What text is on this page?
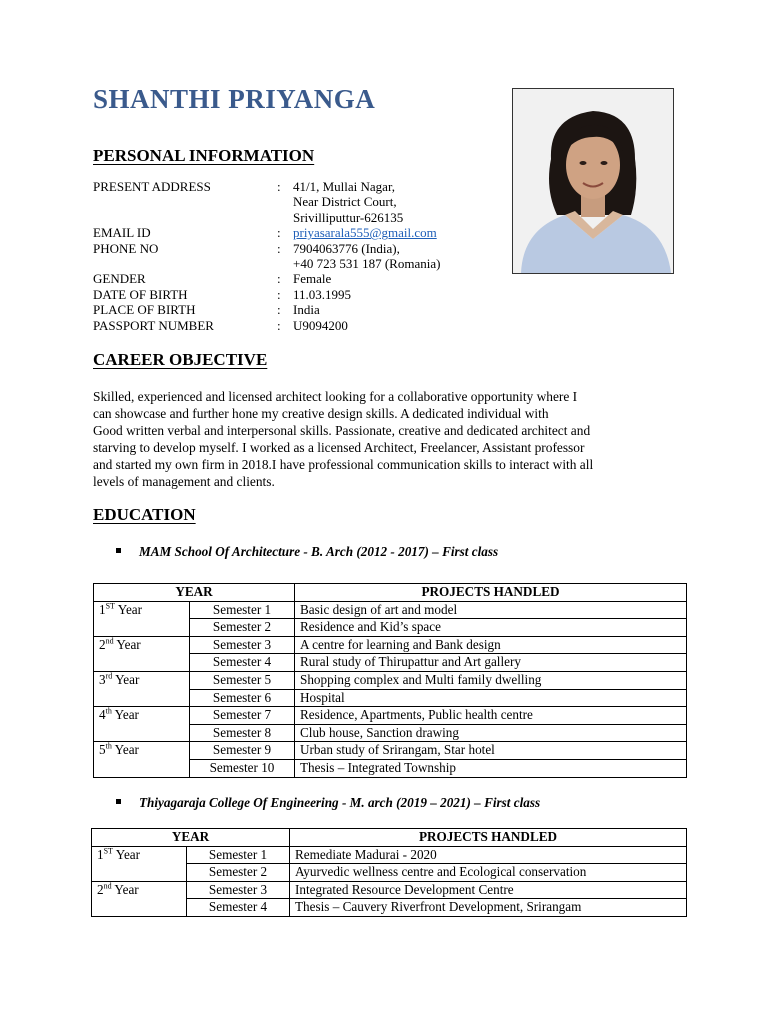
SHANTHI PRIYANGA
PERSONAL INFORMATION
PRESENT ADDRESS	: 41/1, Mullai Nagar,
Near District Court,
Srivilliputtur-626135
EMAIL ID	: priyasarala555@gmail.com
PHONE NO	: 7904063776 (India),
+40 723 531 187 (Romania)
GENDER	: Female
DATE OF BIRTH	: 11.03.1995
PLACE OF BIRTH	: India
PASSPORT NUMBER	: U9094200
CAREER OBJECTIVE

Skilled, experienced and licensed architect looking for a collaborative opportunity where I

can showcase and further hone my creative design skills. A dedicated individual with

Good written verbal and interpersonal skills. Passionate, creative and dedicated architect and

starving to develop myself. I worked as a licensed Architect, Freelancer, Assistant professor

and started my own firm in 2018.I have professional communication skills to interact with all

levels of management and clients.

EDUCATION
MAM School Of Architecture - B. Arch (2012 - 2017) – First class
YEAR		PROJECTS HANDLED
1ST Year	Semester 1	Basic design of art and model
	Semester 2	Residence and Kid’s space
2nd Year	Semester 3	A centre for learning and Bank design
	Semester 4	Rural study of Thirupattur and Art gallery
3rd Year	Semester 5	Shopping complex and Multi family dwelling
	Semester 6	Hospital
4th Year	Semester 7	Residence, Apartments, Public health centre
	Semester 8	Club house, Sanction drawing
5th Year	Semester 9	Urban study of Srirangam, Star hotel
	Semester 10	Thesis – Integrated Township
Thiyagaraja College Of Engineering - M. arch (2019 – 2021) – First class
YEAR		PROJECTS HANDLED
1ST Year	Semester 1	Remediate Madurai - 2020
	Semester 2	Ayurvedic wellness centre and Ecological conservation
2nd Year	Semester 3	Integrated Resource Development Centre
	Semester 4	Thesis – Cauvery Riverfront Development, Srirangam
